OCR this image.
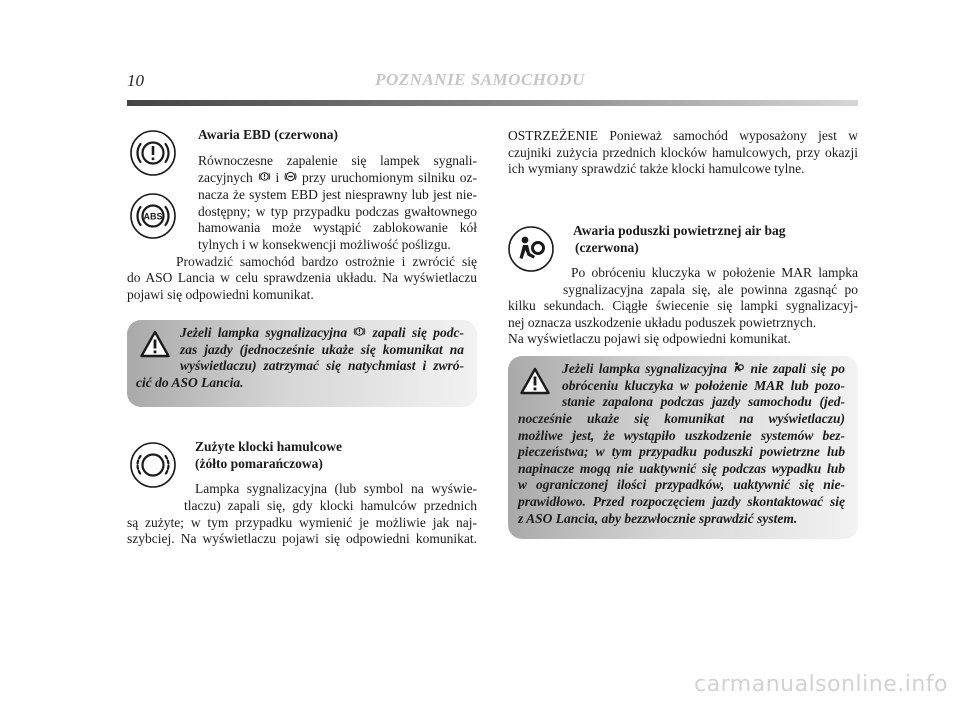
10	POZNANIE SAMOCHODU
ABS
Awaria EBD (czerwona)
Równoczesne zapalenie się lampek sygnali-
zacyjnych i przy uruchomionym silniku oz-
nacza że system EBD jest niesprawny lub jest nie-
dostępny; w typ przypadku podczas gwałtownego
hamowania może wystąpić zablokowanie kół
tylnych i w konsekwencji możliwość poślizgu.
Prowadzić samochód bardzo ostrożnie i zwrócić się
do ASO Lancia w celu sprawdzenia układu. Na wyświetlaczu
pojawi się odpowiedni komunikat.
Jeżeli lampka sygnalizacyjna zapali się podc-
zas jazdy (jednocześnie ukaże się komunikat na
wyświetlaczu) zatrzymać się natychmiast i zwró-
cić do ASO Lancia.
Zużyte klocki hamulcowe
(żółto pomarańczowa)
Lampka sygnalizacyjna (lub symbol na wyświe-
tlaczu) zapali się, gdy klocki hamulców przednich
są zużyte; w tym przypadku wymienić je możliwie jak naj-
szybciej. Na wyświetlaczu pojawi się odpowiedni komunikat.
OSTRZEŻENIE Ponieważ samochód wyposażony jest w
czujniki zużycia przednich klocków hamulcowych, przy okazji
ich wymiany sprawdzić także klocki hamulcowe tylne.
Awaria poduszki powietrznej air bag
(czerwona)
Po obróceniu kluczyka w położenie MAR lampka
sygnalizacyjna zapala się, ale powinna zgasnąć po
kilku sekundach. Ciągłe świecenie się lampki sygnalizacyj-
nej oznacza uszkodzenie układu poduszek powietrznych.
Na wyświetlaczu pojawi się odpowiedni komunikat.
Jeżeli lampka sygnalizacyjna nie zapali się po
obróceniu kluczyka w położenie MAR lub pozo-
stanie zapalona podczas jazdy samochodu (jed-
nocześnie ukaże się komunikat na wyświetlaczu)
możliwe jest, że wystąpiło uszkodzenie systemów bez-
pieczeństwa; w tym przypadku poduszki powietrzne lub
napinacze mogą nie uaktywnić się podczas wypadku lub
w ograniczonej ilości przypadków, uaktywnić się nie-
prawidłowo. Przed rozpoczęciem jazdy skontaktować się
z ASO Lancia, aby bezzwłocznie sprawdzić system.
carmanualsonline.info
